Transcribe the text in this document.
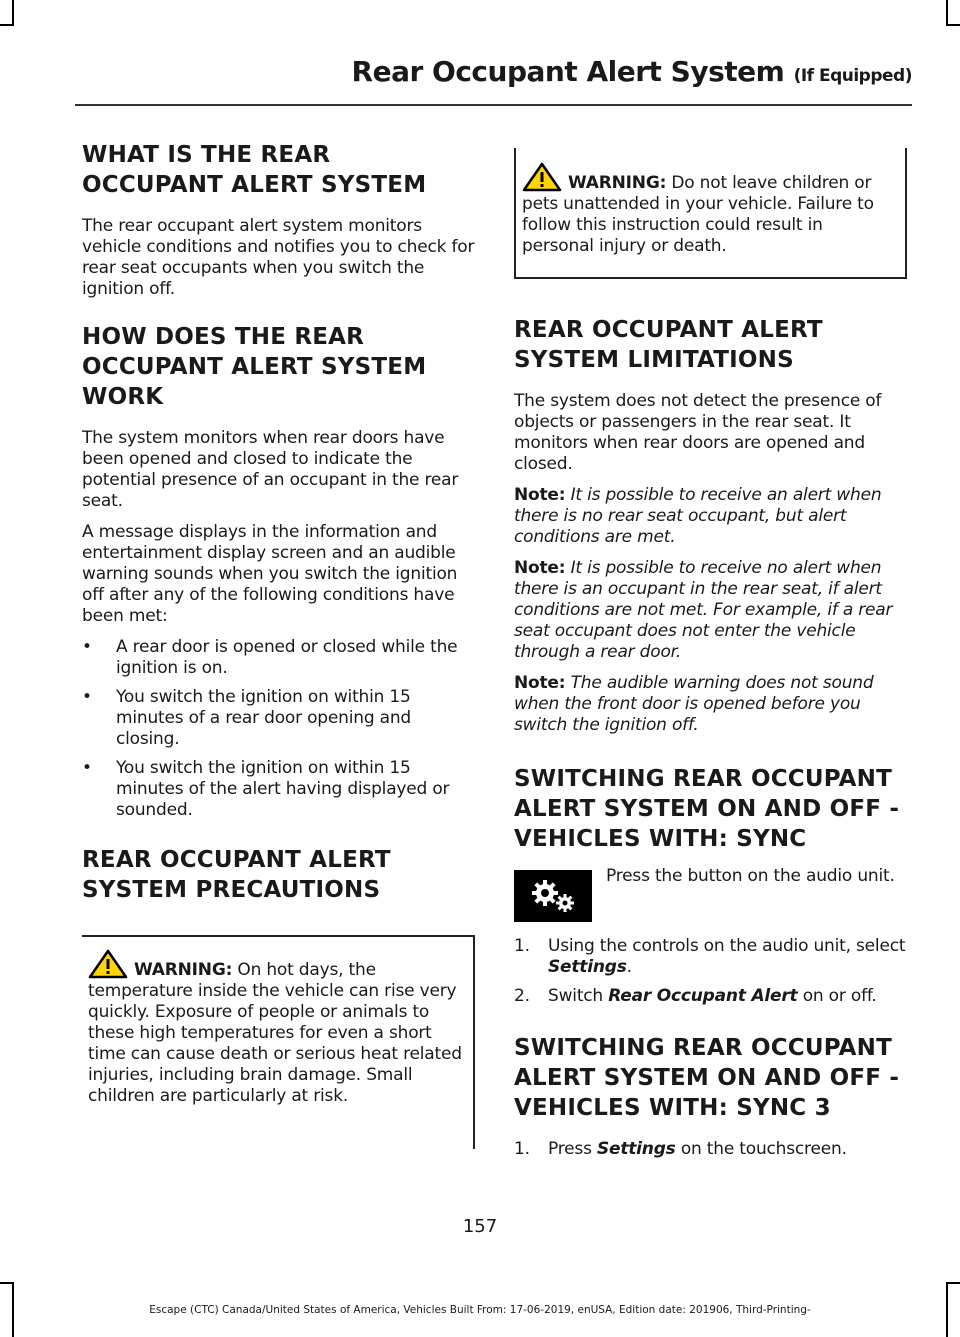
Rear Occupant Alert System (If Equipped)
WHAT IS THE REAR OCCUPANT ALERT SYSTEM

The rear occupant alert system monitors vehicle conditions and notifies you to check for rear seat occupants when you switch the ignition off.

HOW DOES THE REAR OCCUPANT ALERT SYSTEM WORK

The system monitors when rear doors have been opened and closed to indicate the potential presence of an occupant in the rear seat.

A message displays in the information and entertainment display screen and an audible warning sounds when you switch the ignition off after any of the following conditions have been met:

• A rear door is opened or closed while the ignition is on.
• You switch the ignition on within 15 minutes of a rear door opening and closing.
• You switch the ignition on within 15 minutes of the alert having displayed or sounded.
REAR OCCUPANT ALERT SYSTEM PRECAUTIONS

WARNING: On hot days, the temperature inside the vehicle can rise very quickly. Exposure of people or animals to these high temperatures for even a short time can cause death or serious heat related injuries, including brain damage. Small children are particularly at risk.

WARNING: Do not leave children or pets unattended in your vehicle. Failure to follow this instruction could result in personal injury or death.

REAR OCCUPANT ALERT SYSTEM LIMITATIONS

The system does not detect the presence of objects or passengers in the rear seat. It monitors when rear doors are opened and closed.

Note: It is possible to receive an alert when there is no rear seat occupant, but alert conditions are met.

Note: It is possible to receive no alert when there is an occupant in the rear seat, if alert conditions are not met. For example, if a rear seat occupant does not enter the vehicle through a rear door.

Note: The audible warning does not sound when the front door is opened before you switch the ignition off.

SWITCHING REAR OCCUPANT ALERT SYSTEM ON AND OFF - VEHICLES WITH: SYNC

Press the button on the audio unit.

1. Using the controls on the audio unit, select Settings.
2. Switch Rear Occupant Alert on or off.
SWITCHING REAR OCCUPANT ALERT SYSTEM ON AND OFF - VEHICLES WITH: SYNC 3
1. Press Settings on the touchscreen.
157
Escape (CTC) Canada/United States of America, Vehicles Built From: 17-06-2019, enUSA, Edition date: 201906, Third-Printing-
